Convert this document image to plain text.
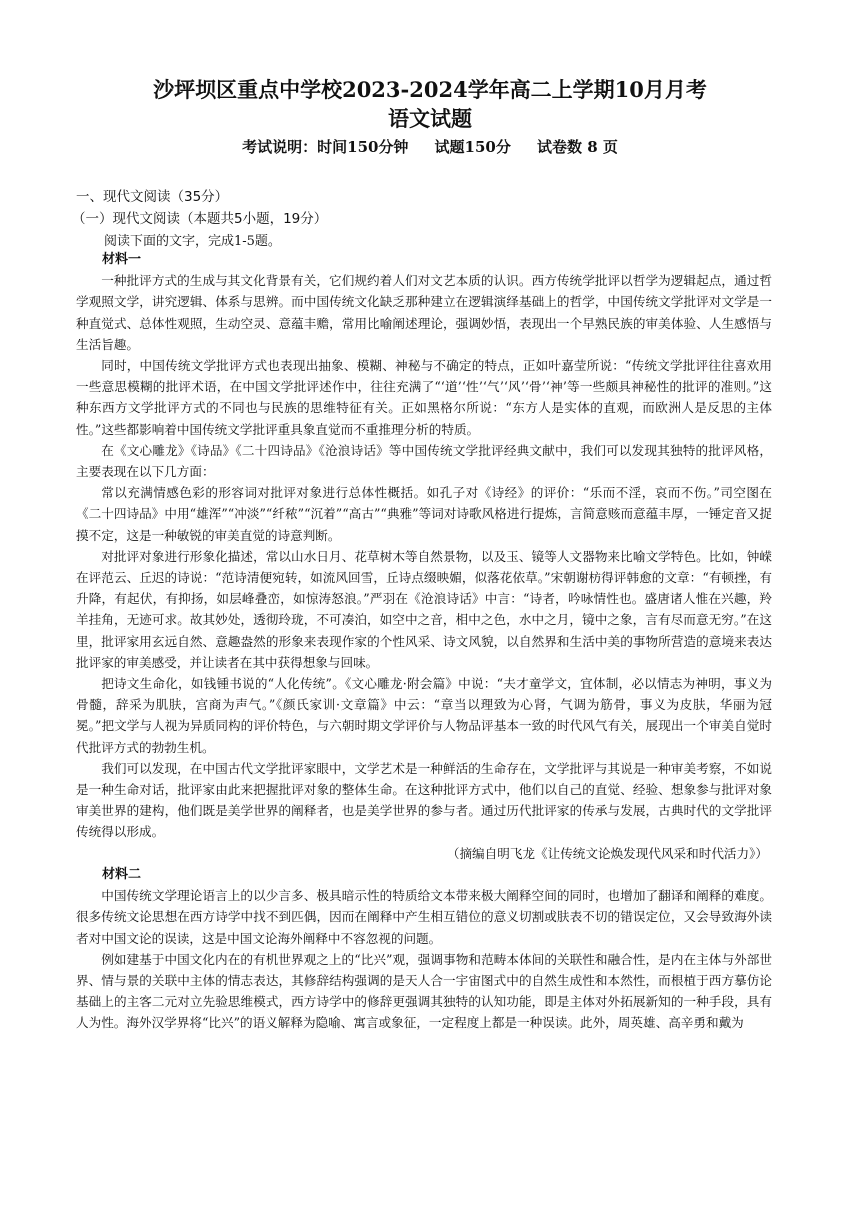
沙坪坝区重点中学校2023-2024学年高二上学期10月月考
语文试题
考试说明：时间150分钟     试题150分     试卷数 8 页
一、现代文阅读（35分）
（一）现代文阅读（本题共5小题，19分）
阅读下面的文字，完成1-5题。

材料一

一种批评方式的生成与其文化背景有关，它们规约着人们对文艺本质的认识。西方传统学批评以哲学为逻辑起点，通过哲学观照文学，讲究逻辑、体系与思辨。而中国传统文化缺乏那种建立在逻辑演绎基础上的哲学，中国传统文学批评对文学是一种直觉式、总体性观照，生动空灵、意蕴丰赡，常用比喻阐述理论，强调妙悟，表现出一个早熟民族的审美体验、人生感悟与生活旨趣。

同时，中国传统文学批评方式也表现出抽象、模糊、神秘与不确定的特点，正如叶嘉莹所说：“传统文学批评往往喜欢用一些意思模糊的批评术语，在中国文学批评述作中，往往充满了“‘道’‘性’‘气’‘风’‘骨’‘神’等一些颇具神秘性的批评的准则。”这种东西方文学批评方式的不同也与民族的思维特征有关。正如黑格尔所说：“东方人是实体的直观，而欧洲人是反思的主体性。”这些都影响着中国传统文学批评重具象直觉而不重推理分析的特质。

在《文心雕龙》《诗品》《二十四诗品》《沧浪诗话》等中国传统文学批评经典文献中，我们可以发现其独特的批评风格，主要表现在以下几方面：

常以充满情感色彩的形容词对批评对象进行总体性概括。如孔子对《诗经》的评价：“乐而不淫，哀而不伤。”司空图在《二十四诗品》中用“雄浑”“冲淡”“纤秾”“沉着”“高古”“典雅”等词对诗歌风格进行提炼，言简意赅而意蕴丰厚，一锤定音又捉摸不定，这是一种敏锐的审美直觉的诗意判断。

对批评对象进行形象化描述，常以山水日月、花草树木等自然景物，以及玉、镜等人文器物来比喻文学特色。比如，钟嵘在评范云、丘迟的诗说：“范诗清便宛转，如流风回雪，丘诗点缀映媚，似落花依草。”宋朝谢枋得评韩愈的文章：“有顿挫，有升降，有起伏，有抑扬，如层峰叠峦，如惊涛怒浪。”严羽在《沧浪诗话》中言：“诗者，吟咏情性也。盛唐诸人惟在兴趣，羚羊挂角，无迹可求。故其妙处，透彻玲珑，不可凑泊，如空中之音，相中之色，水中之月，镜中之象，言有尽而意无穷。”在这里，批评家用玄远自然、意趣盎然的形象来表现作家的个性风采、诗文风貌，以自然界和生活中美的事物所营造的意境来表达批评家的审美感受，并让读者在其中获得想象与回味。

把诗文生命化，如钱锺书说的“人化传统”。《文心雕龙·附会篇》中说：“夫才童学文，宜体制，必以情志为神明，事义为骨髓，辞采为肌肤，宫商为声气。”《颜氏家训·文章篇》中云：“章当以理致为心肾，气调为筋骨，事义为皮肤，华丽为冠冕。”把文学与人视为异质同构的评价特色，与六朝时期文学评价与人物品评基本一致的时代风气有关，展现出一个审美自觉时代批评方式的勃勃生机。

我们可以发现，在中国古代文学批评家眼中，文学艺术是一种鲜活的生命存在，文学批评与其说是一种审美考察，不如说是一种生命对话，批评家由此来把握批评对象的整体生命。在这种批评方式中，他们以自己的直觉、经验、想象参与批评对象审美世界的建构，他们既是美学世界的阐释者，也是美学世界的参与者。通过历代批评家的传承与发展，古典时代的文学批评传统得以形成。

（摘编自明飞龙《让传统文论焕发现代风采和时代活力》）

材料二

中国传统文学理论语言上的以少言多、极具暗示性的特质给文本带来极大阐释空间的同时，也增加了翻译和阐释的难度。很多传统文论思想在西方诗学中找不到匹偶，因而在阐释中产生相互错位的意义切割或肤表不切的错误定位，又会导致海外读者对中国文论的误读，这是中国文论海外阐释中不容忽视的问题。

例如建基于中国文化内在的有机世界观之上的“比兴”观，强调事物和范畴本体间的关联性和融合性，是内在主体与外部世界、情与景的关联中主体的情志表达，其修辞结构强调的是天人合一宇宙图式中的自然生成性和本然性，而根植于西方摹仿论基础上的主客二元对立先验思维模式，西方诗学中的修辞更强调其独特的认知功能，即是主体对外拓展新知的一种手段，具有人为性。海外汉学界将“比兴”的语义解释为隐喻、寓言或象征，一定程度上都是一种误读。此外，周英雄、高辛勇和戴为
